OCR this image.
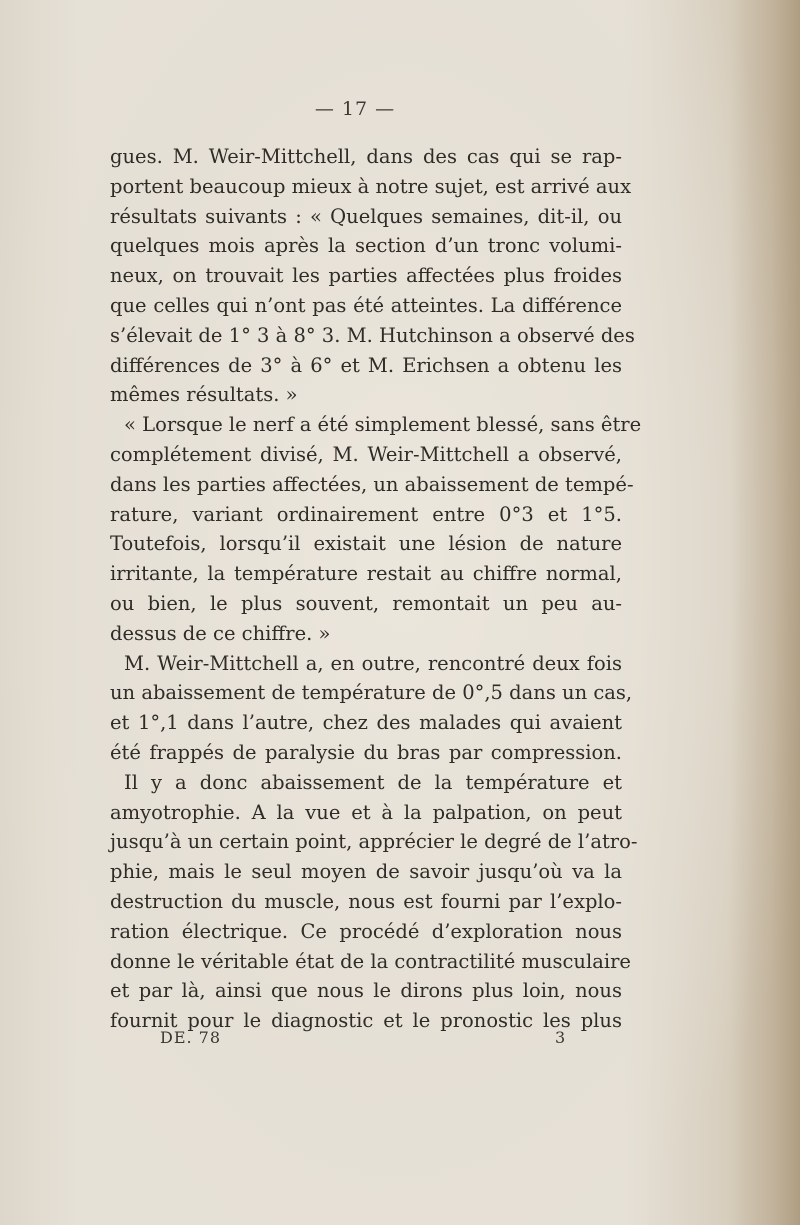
— 17 —
gues. M. Weir-Mittchell, dans des cas qui se rap-
portent beaucoup mieux à notre sujet, est arrivé aux
résultats suivants : « Quelques semaines, dit-il, ou
quelques mois après la section d’un tronc volumi-
neux, on trouvait les parties affectées plus froides
que celles qui n’ont pas été atteintes. La différence
s’élevait de 1° 3 à 8° 3. M. Hutchinson a observé des
différences de 3° à 6° et M. Erichsen a obtenu les
mêmes résultats. »
« Lorsque le nerf a été simplement blessé, sans être
complétement divisé, M. Weir-Mittchell a observé,
dans les parties affectées, un abaissement de tempé-
rature, variant ordinairement entre 0°3 et 1°5.
Toutefois, lorsqu’il existait une lésion de nature
irritante, la température restait au chiffre normal,
ou bien, le plus souvent, remontait un peu au-
dessus de ce chiffre. »
M. Weir-Mittchell a, en outre, rencontré deux fois
un abaissement de température de 0°,5 dans un cas,
et 1°,1 dans l’autre, chez des malades qui avaient
été frappés de paralysie du bras par compression.
Il y a donc abaissement de la température et
amyotrophie. A la vue et à la palpation, on peut
jusqu’à un certain point, apprécier le degré de l’atro-
phie, mais le seul moyen de savoir jusqu’où va la
destruction du muscle, nous est fourni par l’explo-
ration électrique. Ce procédé d’exploration nous
donne le véritable état de la contractilité musculaire
et par là, ainsi que nous le dirons plus loin, nous
fournit pour le diagnostic et le pronostic les plus
DE. 78	3
